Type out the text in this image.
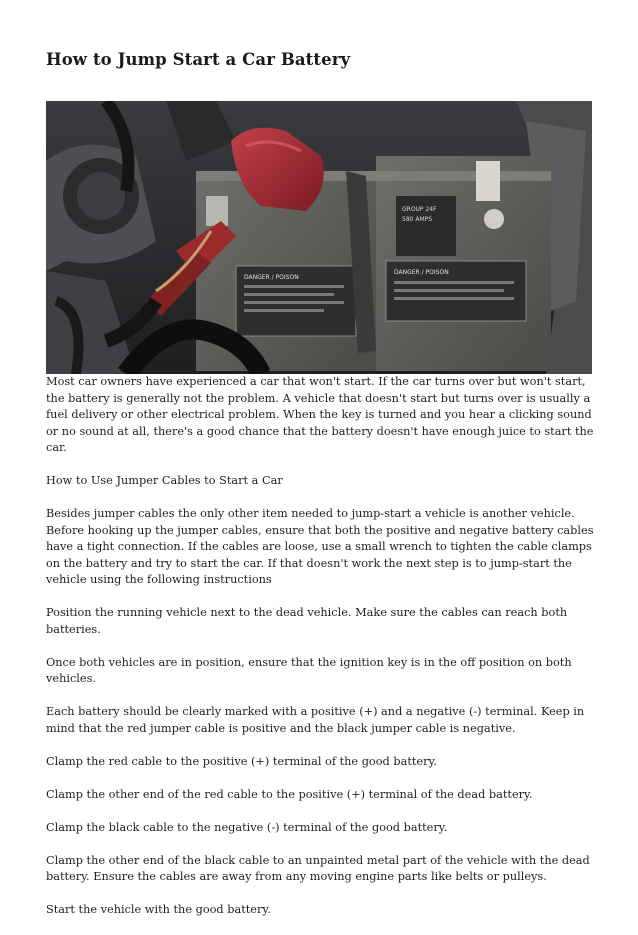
How to Jump Start a Car Battery
GROUP 24F
580 AMPS
DANGER / POISON
DANGER / POISON

Most car owners have experienced a car that won't start. If the car turns over but won't start, the battery is generally not the problem. A vehicle that doesn't start but turns over is usually a fuel delivery or other electrical problem. When the key is turned and you hear a clicking sound or no sound at all, there's a good chance that the battery doesn't have enough juice to start the car.

How to Use Jumper Cables to Start a Car

Besides jumper cables the only other item needed to jump-start a vehicle is another vehicle. Before hooking up the jumper cables, ensure that both the positive and negative battery cables have a tight connection. If the cables are loose, use a small wrench to tighten the cable clamps on the battery and try to start the car. If that doesn't work the next step is to jump-start the vehicle using the following instructions

Position the running vehicle next to the dead vehicle. Make sure the cables can reach both batteries.

Once both vehicles are in position, ensure that the ignition key is in the off position on both vehicles.

Each battery should be clearly marked with a positive (+) and a negative (-) terminal. Keep in mind that the red jumper cable is positive and the black jumper cable is negative.

Clamp the red cable to the positive (+) terminal of the good battery.

Clamp the other end of the red cable to the positive (+) terminal of the dead battery.

Clamp the black cable to the negative (-) terminal of the good battery.

Clamp the other end of the black cable to an unpainted metal part of the vehicle with the dead battery. Ensure the cables are away from any moving engine parts like belts or pulleys.

Start the vehicle with the good battery.
